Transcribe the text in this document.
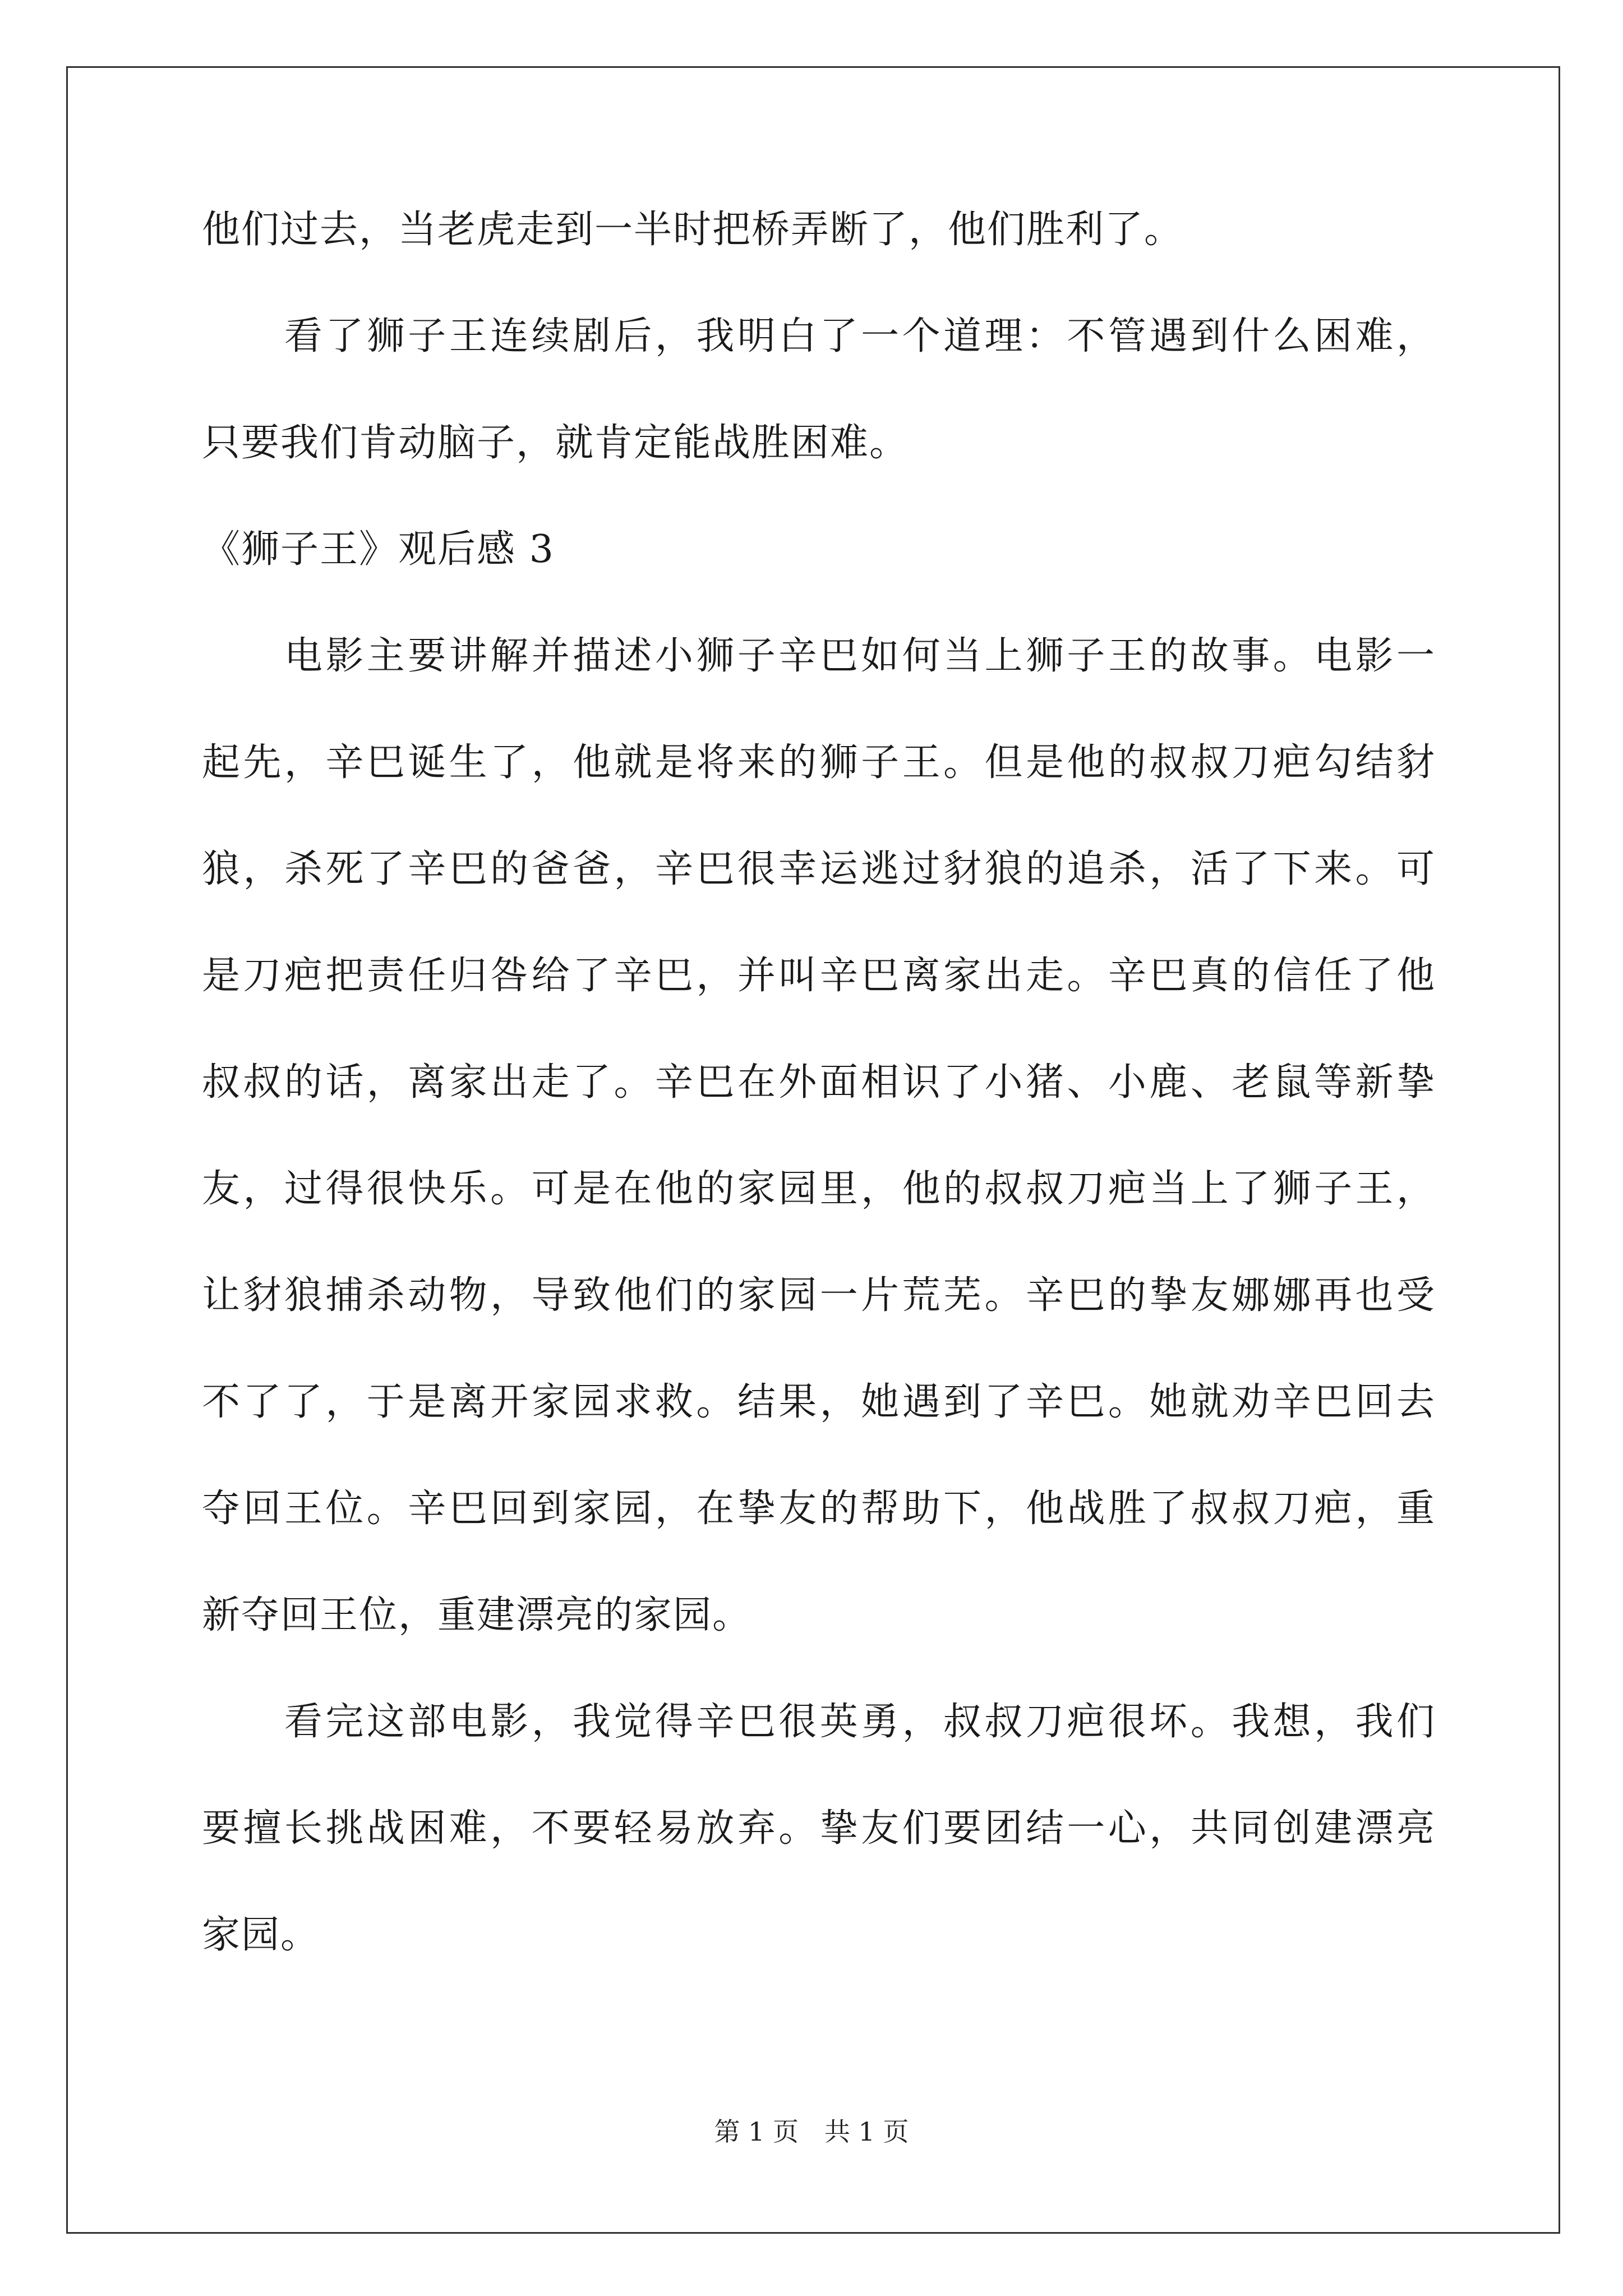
他们过去，当老虎走到一半时把桥弄断了，他们胜利了。
　　看了狮子王连续剧后，我明白了一个道理：不管遇到什么困难，
只要我们肯动脑子，就肯定能战胜困难。
《狮子王》观后感 3
　　电影主要讲解并描述小狮子辛巴如何当上狮子王的故事。电影一
起先，辛巴诞生了，他就是将来的狮子王。但是他的叔叔刀疤勾结豺
狼，杀死了辛巴的爸爸，辛巴很幸运逃过豺狼的追杀，活了下来。可
是刀疤把责任归咎给了辛巴，并叫辛巴离家出走。辛巴真的信任了他
叔叔的话，离家出走了。辛巴在外面相识了小猪、小鹿、老鼠等新挚
友，过得很快乐。可是在他的家园里，他的叔叔刀疤当上了狮子王，
让豺狼捕杀动物，导致他们的家园一片荒芜。辛巴的挚友娜娜再也受
不了了，于是离开家园求救。结果，她遇到了辛巴。她就劝辛巴回去
夺回王位。辛巴回到家园，在挚友的帮助下，他战胜了叔叔刀疤，重
新夺回王位，重建漂亮的家园。
　　看完这部电影，我觉得辛巴很英勇，叔叔刀疤很坏。我想，我们
要擅长挑战困难，不要轻易放弃。挚友们要团结一心，共同创建漂亮
家园。
第 1 页　共 1 页
